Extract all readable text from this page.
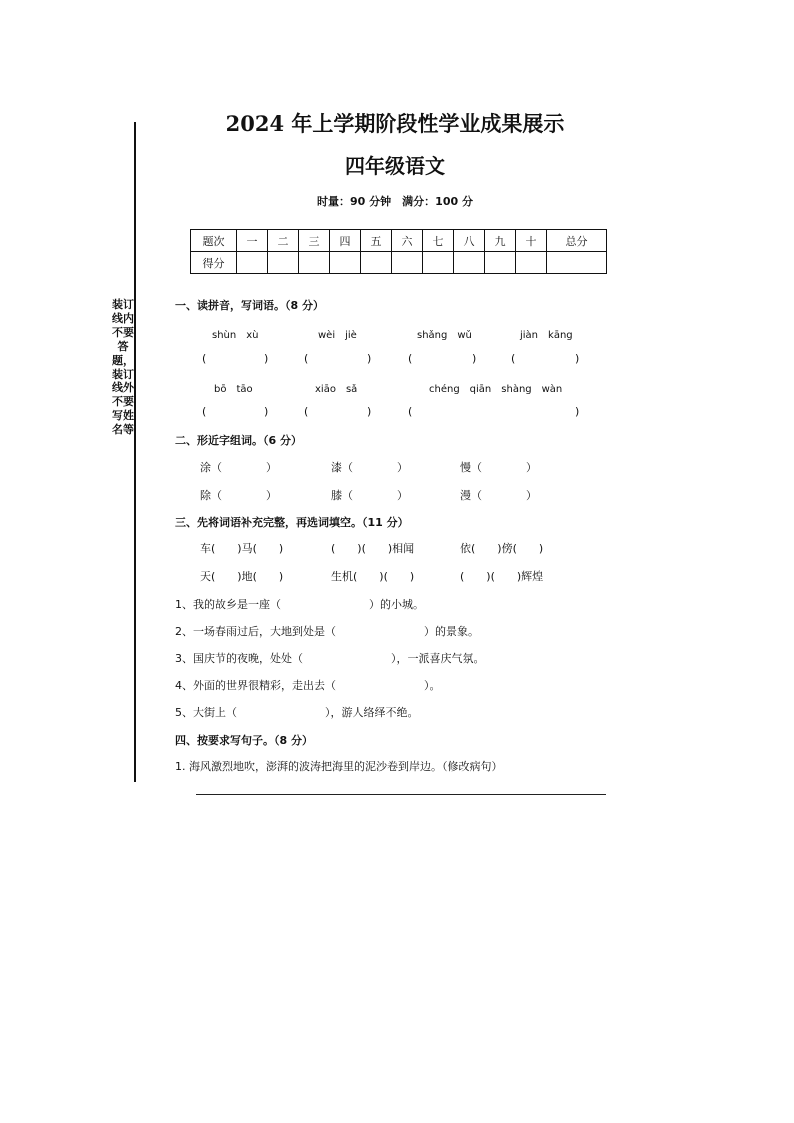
装订线内不要答题，装订线外不要写姓名等
2024 年上学期阶段性学业成果展示
四年级语文
时量：90 分钟　满分：100 分
题次	一	二	三	四	五	六	七	八	九	十	总分
得分											
一、读拼音，写词语。（8 分）
shùn　xù	wèi　jiè	shǎng　wǔ	jiàn　kāng
(	)	(	)	(	)	(	)
bō　tāo	xiāo　sǎ	chéng　qiān　shàng　wàn
(	)	(	)	(	)
二、形近字组词。（6 分）
涂（　　　　）	漆（　　　　）	慢（　　　　）
除（　　　　）	膝（　　　　）	漫（　　　　）
三、先将词语补充完整，再选词填空。（11 分）
车(　　)马(　　)	(　　)(　　)相闻	依(　　)傍(　　)
天(　　)地(　　)	生机(　　)(　　)	(　　)(　　)辉煌
1、我的故乡是一座（　　　　　　　　）的小城。
2、一场春雨过后，大地到处是（　　　　　　　　）的景象。
3、国庆节的夜晚，处处（　　　　　　　　），一派喜庆气氛。
4、外面的世界很精彩，走出去（　　　　　　　　）。
5、大街上（　　　　　　　　），游人络绎不绝。
四、按要求写句子。（8 分）
1. 海风激烈地吹，澎湃的波涛把海里的泥沙卷到岸边。（修改病句）
